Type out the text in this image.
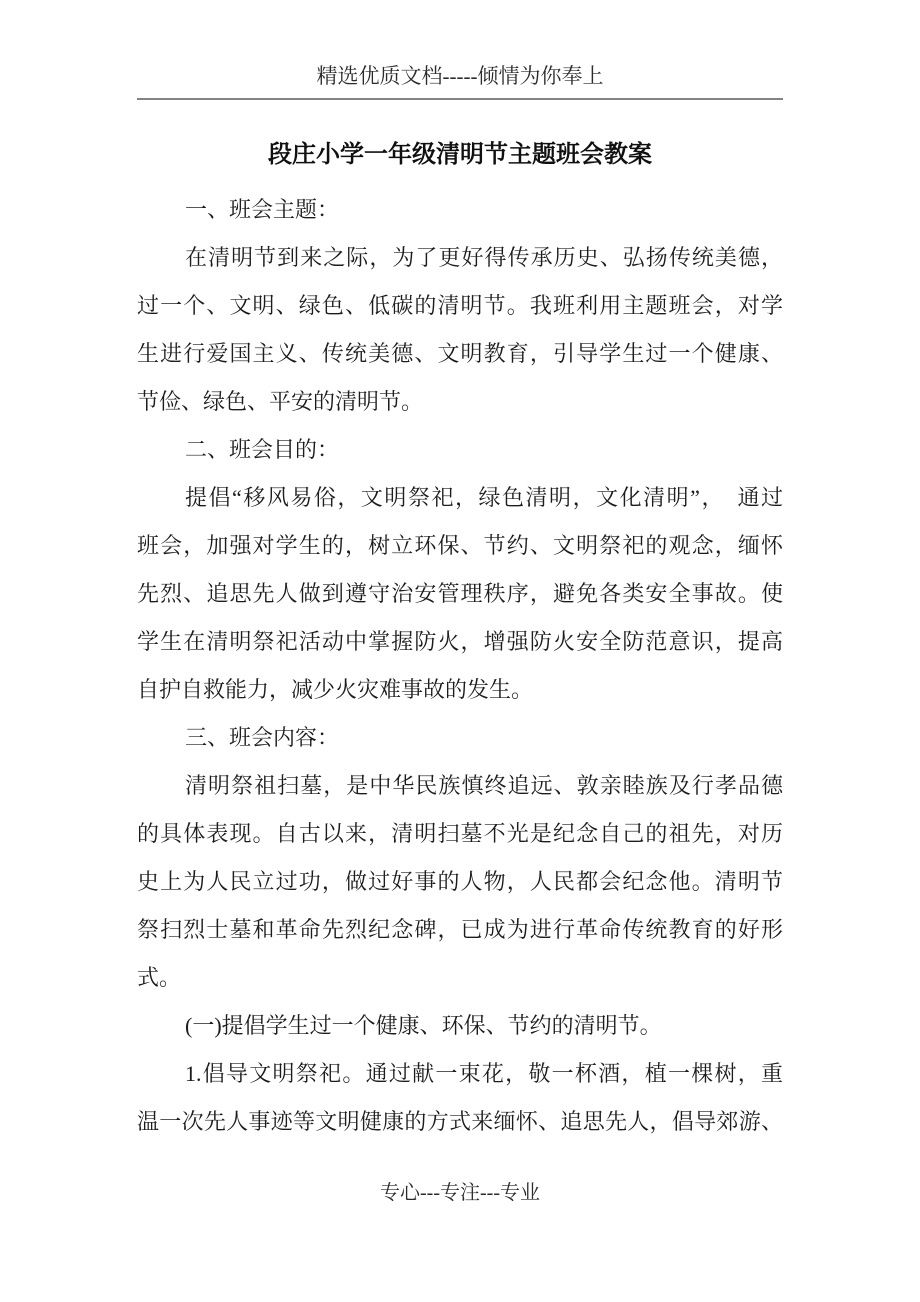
精选优质文档-----倾情为你奉上
段庄小学一年级清明节主题班会教案
一、班会主题：
在清明节到来之际，为了更好得传承历史、弘扬传统美德，
过一个、文明、绿色、低碳的清明节。我班利用主题班会，对学
生进行爱国主义、传统美德、文明教育，引导学生过一个健康、
节俭、绿色、平安的清明节。
二、班会目的：
提倡“移风易俗，文明祭祀，绿色清明，文化清明”，　通过
班会，加强对学生的，树立环保、节约、文明祭祀的观念，缅怀
先烈、追思先人做到遵守治安管理秩序，避免各类安全事故。使
学生在清明祭祀活动中掌握防火，增强防火安全防范意识，提高
自护自救能力，减少火灾难事故的发生。
三、班会内容：
清明祭祖扫墓，是中华民族慎终追远、敦亲睦族及行孝品德
的具体表现。自古以来，清明扫墓不光是纪念自己的祖先，对历
史上为人民立过功，做过好事的人物，人民都会纪念他。清明节
祭扫烈士墓和革命先烈纪念碑，已成为进行革命传统教育的好形
式。
(一)提倡学生过一个健康、环保、节约的清明节。
1.倡导文明祭祀。通过献一束花，敬一杯酒，植一棵树，重
温一次先人事迹等文明健康的方式来缅怀、追思先人，倡导郊游、
专心---专注---专业
